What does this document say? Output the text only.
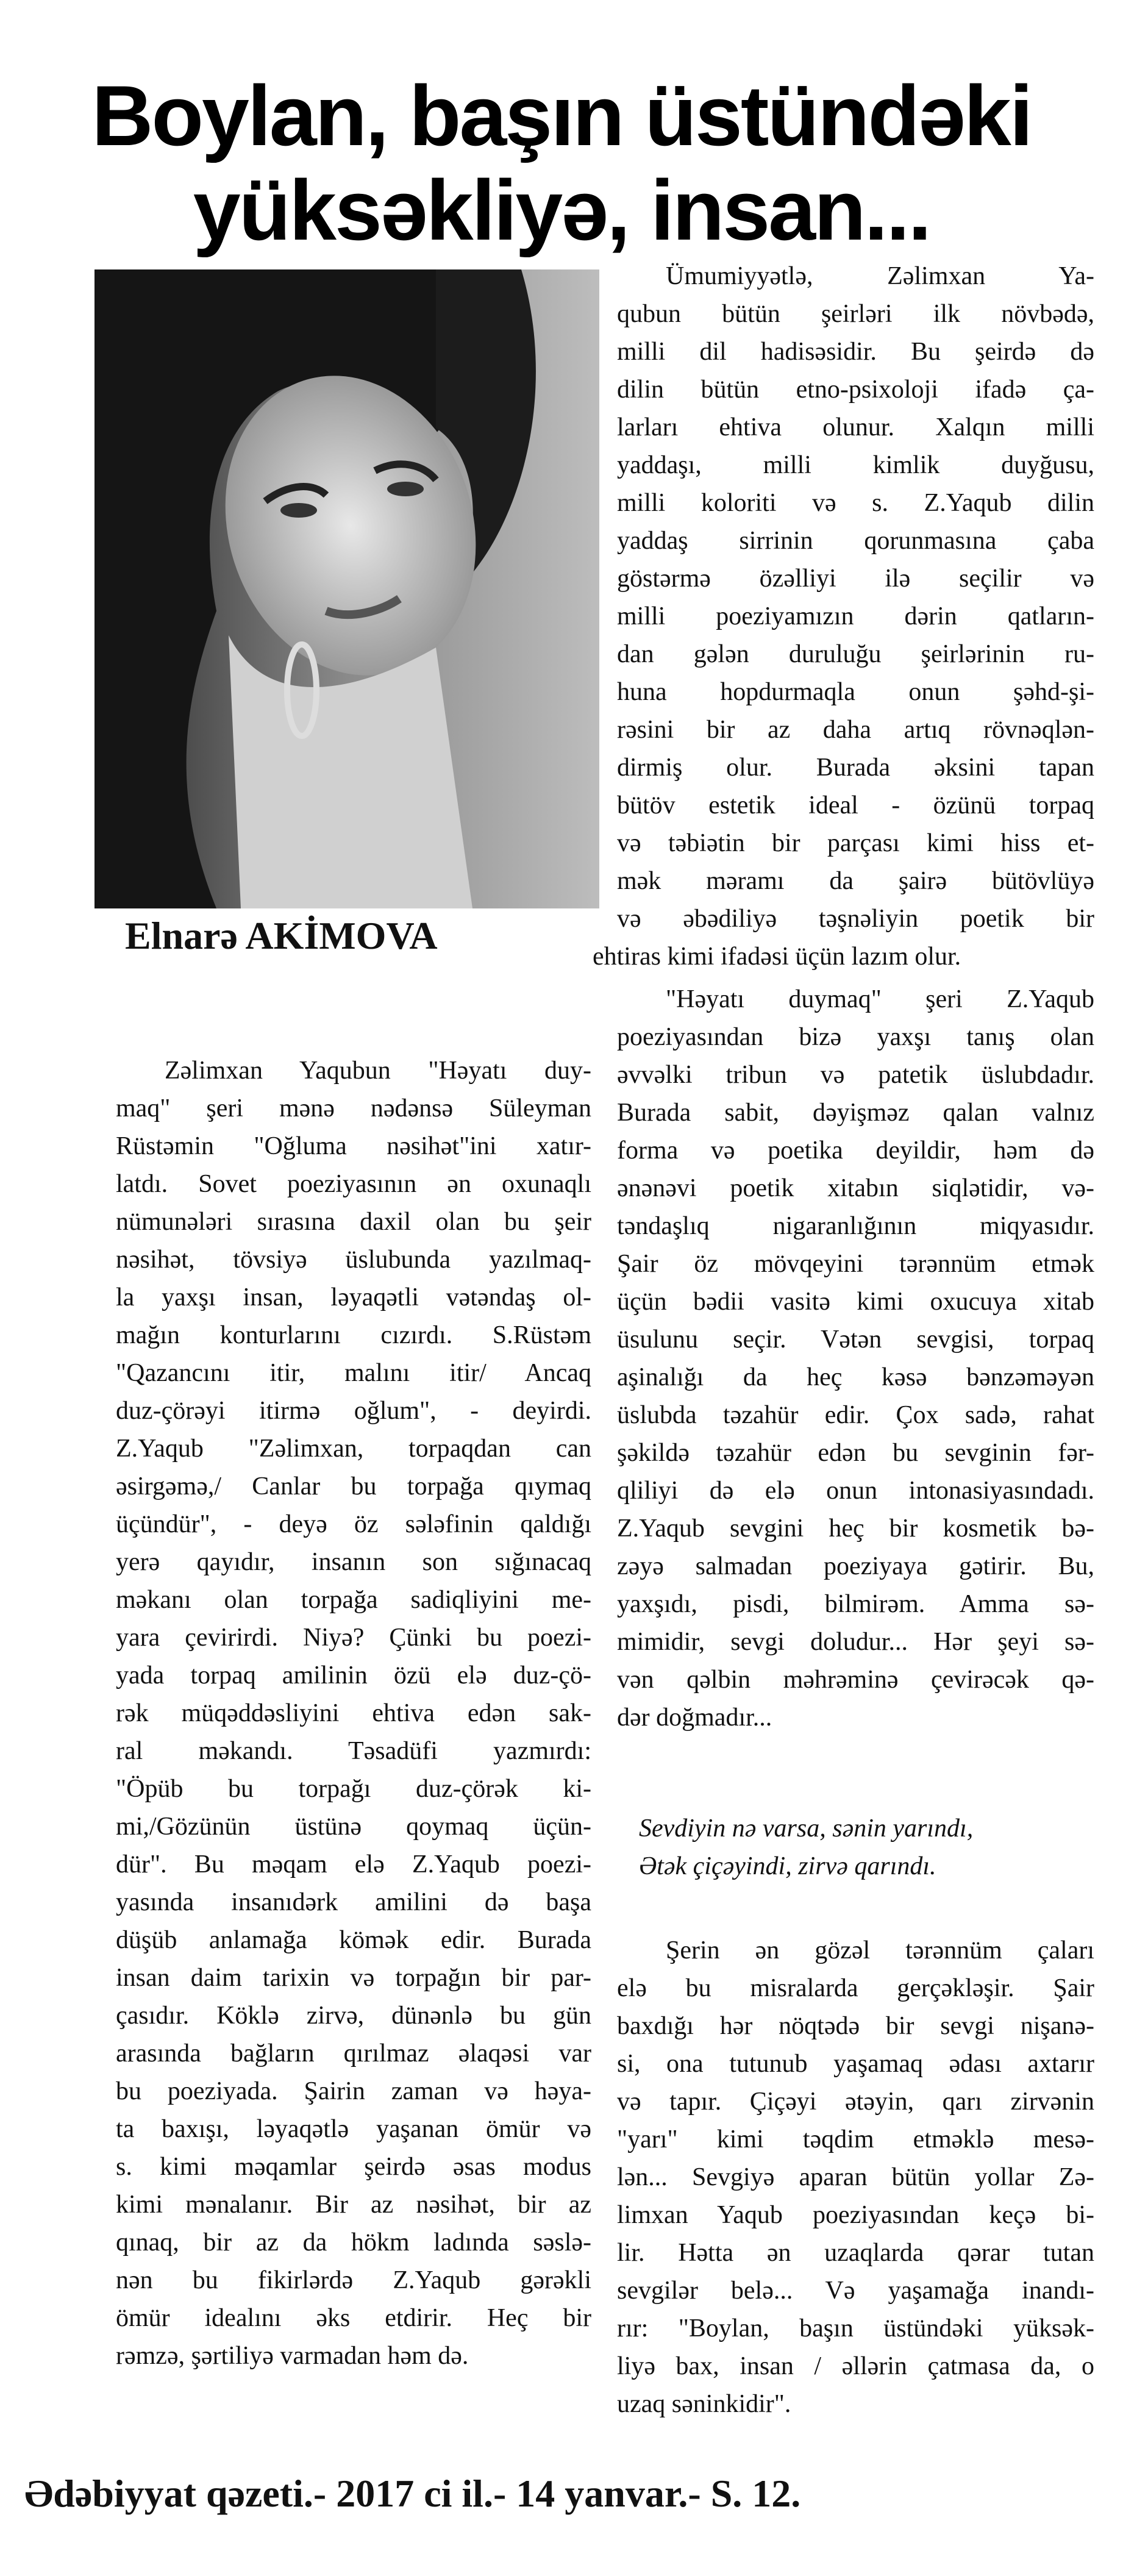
Boylan, başın üstündəki
yüksəkliyə, insan...
Elnarə AKİMOVA
Zəlimxan Yaqubun "Həyatı duy-
maq" şeri mənə nədənsə Süleyman
Rüstəmin "Oğluma nəsihət"ini xatır-
latdı. Sovet poeziyasının ən oxunaqlı
nümunələri sırasına daxil olan bu şeir
nəsihət, tövsiyə üslubunda yazılmaq-
la yaxşı insan, ləyaqətli vətəndaş ol-
mağın konturlarını cızırdı. S.Rüstəm
"Qazancını itir, malını itir/ Ancaq
duz-çörəyi itirmə oğlum", - deyirdi.
Z.Yaqub "Zəlimxan, torpaqdan can
əsirgəmə,/ Canlar bu torpağa qıymaq
üçündür", - deyə öz sələfinin qaldığı
yerə qayıdır, insanın son sığınacaq
məkanı olan torpağa sadiqliyini me-
yara çevirirdi. Niyə? Çünki bu poezi-
yada torpaq amilinin özü elə duz-çö-
rək müqəddəsliyini ehtiva edən sak-
ral məkandı. Təsadüfi yazmırdı:
"Öpüb bu torpağı duz-çörək ki-
mi,/Gözünün üstünə qoymaq üçün-
dür". Bu məqam elə Z.Yaqub poezi-
yasında insanıdərk amilini də başa
düşüb anlamağa kömək edir. Burada
insan daim tarixin və torpağın bir par-
çasıdır. Köklə zirvə, dünənlə bu gün
arasında bağların qırılmaz əlaqəsi var
bu poeziyada. Şairin zaman və həya-
ta baxışı, ləyaqətlə yaşanan ömür və
s. kimi məqamlar şeirdə əsas modus
kimi mənalanır. Bir az nəsihət, bir az
qınaq, bir az da hökm ladında səslə-
nən bu fikirlərdə Z.Yaqub gərəkli
ömür idealını əks etdirir. Heç bir
rəmzə, şərtiliyə varmadan həm də.
Ümumiyyətlə, Zəlimxan Ya-
qubun bütün şeirləri ilk növbədə,
milli dil hadisəsidir. Bu şeirdə də
dilin bütün etno-psixoloji ifadə ça-
larları ehtiva olunur. Xalqın milli
yaddaşı, milli kimlik duyğusu,
milli koloriti və s. Z.Yaqub dilin
yaddaş sirrinin qorunmasına çaba
göstərmə özəlliyi ilə seçilir və
milli poeziyamızın dərin qatların-
dan gələn duruluğu şeirlərinin ru-
huna hopdurmaqla onun şəhd-şi-
rəsini bir az daha artıq rövnəqlən-
dirmiş olur. Burada əksini tapan
bütöv estetik ideal - özünü torpaq
və təbiətin bir parçası kimi hiss et-
mək məramı da şairə bütövlüyə
və əbədiliyə təşnəliyin poetik bir
ehtiras kimi ifadəsi üçün lazım olur.
"Həyatı duymaq" şeri Z.Yaqub
poeziyasından bizə yaxşı tanış olan
əvvəlki tribun və patetik üslubdadır.
Burada sabit, dəyişməz qalan valnız
forma və poetika deyildir, həm də
ənənəvi poetik xitabın siqlətidir, və-
təndaşlıq nigaranlığının miqyasıdır.
Şair öz mövqeyini tərənnüm etmək
üçün bədii vasitə kimi oxucuya xitab
üsulunu seçir. Vətən sevgisi, torpaq
aşinalığı da heç kəsə bənzəməyən
üslubda təzahür edir. Çox sadə, rahat
şəkildə təzahür edən bu sevginin fər-
qliliyi də elə onun intonasiyasındadı.
Z.Yaqub sevgini heç bir kosmetik bə-
zəyə salmadan poeziyaya gətirir. Bu,
yaxşıdı, pisdi, bilmirəm. Amma sə-
mimidir, sevgi doludur... Hər şeyi sə-
vən qəlbin məhrəminə çevirəcək qə-
dər doğmadır...
Sevdiyin nə varsa, sənin yarındı,
Ətək çiçəyindi, zirvə qarındı.
Şerin ən gözəl tərənnüm çaları
elə bu misralarda gerçəkləşir. Şair
baxdığı hər nöqtədə bir sevgi nişanə-
si, ona tutunub yaşamaq ədası axtarır
və tapır. Çiçəyi ətəyin, qarı zirvənin
"yarı" kimi təqdim etməklə mesə-
lən... Sevgiyə aparan bütün yollar Zə-
limxan Yaqub poeziyasından keçə bi-
lir. Hətta ən uzaqlarda qərar tutan
sevgilər belə... Və yaşamağa inandı-
rır: "Boylan, başın üstündəki yüksək-
liyə bax, insan / əllərin çatmasa da, o
uzaq səninkidir".
Ədəbiyyat qəzeti.- 2017 ci il.- 14 yanvar.- S. 12.
